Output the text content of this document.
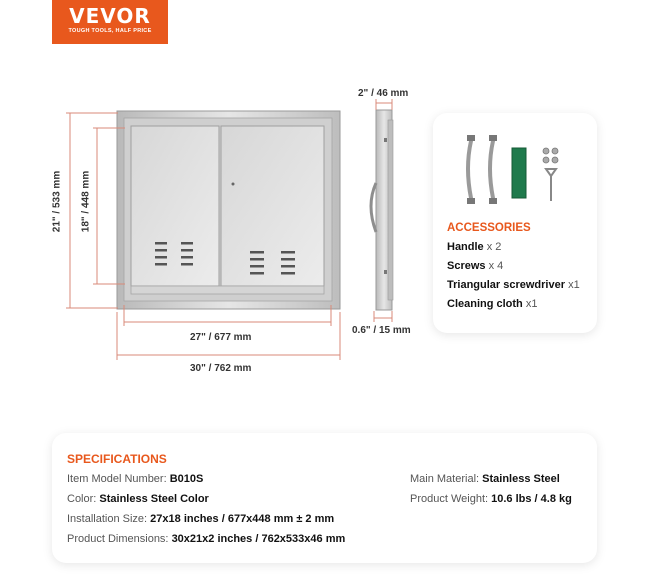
VEVOR
TOUGH TOOLS, HALF PRICE
2" / 46 mm
21" / 533 mm 18" / 448 mm
27" / 677 mm
30" / 762 mm
0.6" / 15 mm
ACCESSORIES
Handle x 2
Screws x 4
Triangular screwdriver x1
Cleaning cloth x1
SPECIFICATIONS
Item Model Number: B010S
Color: Stainless Steel Color
Installation Size: 27x18 inches / 677x448 mm ± 2 mm
Product Dimensions: 30x21x2 inches / 762x533x46 mm
Main Material: Stainless Steel
Product Weight: 10.6 lbs / 4.8 kg
